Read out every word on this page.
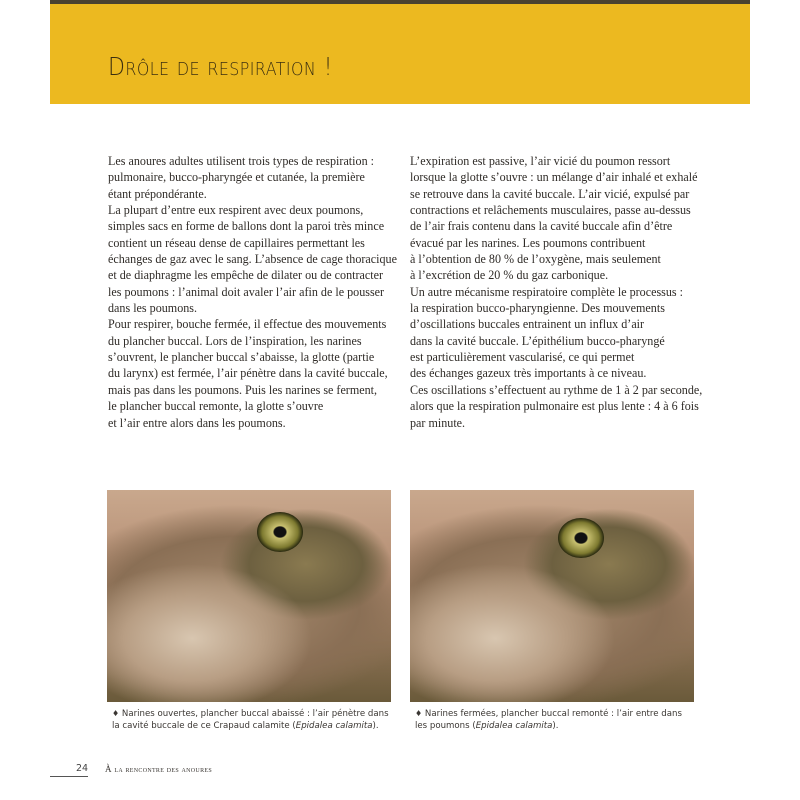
Drôle de respiration !
Les anoures adultes utilisent trois types de respiration :
pulmonaire, bucco-pharyngée et cutanée, la première
étant prépondérante.
La plupart d’entre eux respirent avec deux poumons,
simples sacs en forme de ballons dont la paroi très mince
contient un réseau dense de capillaires permettant les
échanges de gaz avec le sang. L’absence de cage thoracique
et de diaphragme les empêche de dilater ou de contracter
les poumons : l’animal doit avaler l’air afin de le pousser
dans les poumons.
Pour respirer, bouche fermée, il effectue des mouvements
du plancher buccal. Lors de l’inspiration, les narines
s’ouvrent, le plancher buccal s’abaisse, la glotte (partie
du larynx) est fermée, l’air pénètre dans la cavité buccale,
mais pas dans les poumons. Puis les narines se ferment,
le plancher buccal remonte, la glotte s’ouvre
et l’air entre alors dans les poumons.
L’expiration est passive, l’air vicié du poumon ressort
lorsque la glotte s’ouvre : un mélange d’air inhalé et exhalé
se retrouve dans la cavité buccale. L’air vicié, expulsé par
contractions et relâchements musculaires, passe au-dessus
de l’air frais contenu dans la cavité buccale afin d’être
évacué par les narines. Les poumons contribuent
à l’obtention de 80 % de l’oxygène, mais seulement
à l’excrétion de 20 % du gaz carbonique.
Un autre mécanisme respiratoire complète le processus :
la respiration bucco-pharyngienne. Des mouvements
d’oscillations buccales entrainent un influx d’air
dans la cavité buccale. L’épithélium bucco-pharyngé
est particulièrement vascularisé, ce qui permet
des échanges gazeux très importants à ce niveau.
Ces oscillations s’effectuent au rythme de 1 à 2 par seconde,
alors que la respiration pulmonaire est plus lente : 4 à 6 fois
par minute.
♦ Narines ouvertes, plancher buccal abaissé : l’air pénètre dans
la cavité buccale de ce Crapaud calamite (Epidalea calamita).
♦ Narines fermées, plancher buccal remonté : l’air entre dans
les poumons (Epidalea calamita).
24 À la rencontre des anoures
